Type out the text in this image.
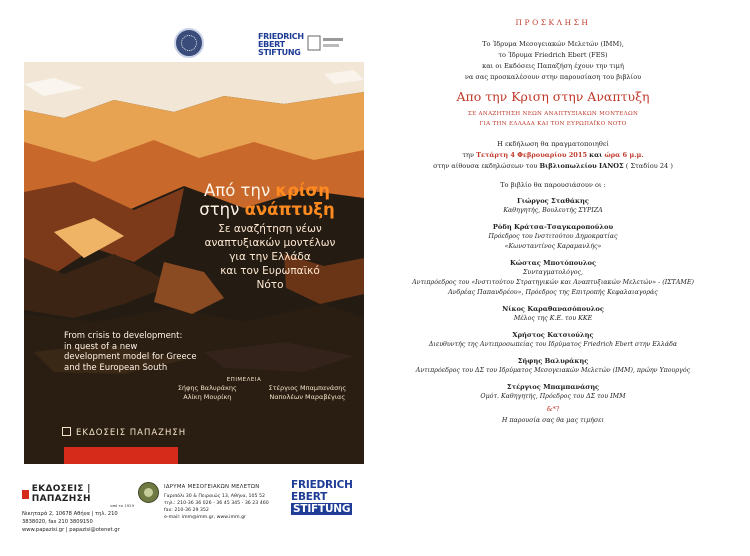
FRIEDRICH
EBERT
STIFTUNG
Από την κρίση
στην ανάπτυξη
Σε αναζήτηση νέων
αναπτυξιακών μοντέλων
για την Ελλάδα
και τον Ευρωπαϊκό
Νότο
From crisis to development:
in quest of a new
development model for Greece
and the European South
ΕΠΙΜΕΛΕΙΑ
Σήφης Βαλυράκης
Αλίκη Μουρίκη
Στέργιος Μπαμπανάσης
Ναπολέων Μαραβέγιας
ΕΚΔΟΣΕΙΣ ΠΑΠΑΖΗΣΗ
ΕΚΔΟΣΕΙΣ | ΠΑΠΑΖΗΣΗ
από το 1929
Νικηταρά 2, 10678 Αθήνα | τηλ. 210
3838020, fax 210 3809150
www.papazisi.gr | papazisi@otenet.gr
ΙΔΡΥΜΑ ΜΕΣΟΓΕΙΑΚΩΝ ΜΕΛΕΤΩΝ
Γαριπόλι 30 & Πειραιώς 13, Αθήνα, 105 52
τηλ.: 210-36 36 026 - 36 45 345 - 36 23 460
fax: 210-36 29 352
e-mail: imm@imm.gr, www.imm.gr
FRIEDRICH
EBERT
STIFTUNG
ΠΡΟΣΚΛΗΣΗ
Το Ίδρυμα Μεσογειακών Μελετών (ΙΜΜ),
το Ίδρυμα Friedrich Ebert (FES)
και οι Εκδόσεις Παπαζήση έχουν την τιμή
να σας προσκαλέσουν στην παρουσίαση του βιβλίου
Απο την Κριση στην Αναπτυξη
ΣΕ ΑΝΑΖΗΤΗΣΗ ΝΕΩΝ ΑΝΑΠΤΥΞΙΑΚΩΝ ΜΟΝΤΕΛΩΝ
ΓΙΑ ΤΗΝ ΕΛΛΑΔΑ ΚΑΙ ΤΟΝ ΕΥΡΩΠΑΪΚΟ ΝΟΤΟ
Η εκδήλωση θα πραγματοποιηθεί
την Τετάρτη 4 Φεβρουαρίου 2015 και ώρα 6 μ.μ.
στην αίθουσα εκδηλώσεων του Βιβλιοπωλείου ΙΑΝΟΣ ( Σταδίου 24 )
Το βιβλίο θα παρουσιάσουν οι :
Γιώργος Σταθάκης
Καθηγητής, Βουλευτής ΣΥΡΙΖΑ
Ρόδη Κράτσα-Τσαγκαροπούλου
Πρόεδρος του Ινστιτούτου Δημοκρατίας
«Κωνσταντίνος Καραμανλής»
Κώστας Μποτόπουλος
Συνταγματολόγος,
Αντιπρόεδρος του «Ινστιτούτου Στρατηγικών και Αναπτυξιακών Μελετών» - (ΙΣΤΑΜΕ)
Ανδρέας Παπανδρέου», Πρόεδρος της Επιτροπής Κεφαλαιαγοράς
Νίκος Καραθανασόπουλος
Μέλος της Κ.Ε. του ΚΚΕ
Χρήστος Κατσιούλης
Διευθυντής της Αντιπροσωπείας του Ιδρύματος Friedrich Ebert στην Ελλάδα
Σήφης Βαλυράκης
Αντιπρόεδρος του ΔΣ του Ιδρύματος Μεσογειακών Μελετών (ΙΜΜ), πρώην Υπουργός
Στέργιος Μπαμπανάσης
Ομότ. Καθηγητής, Πρόεδρος του ΔΣ του ΙΜΜ
&*?
Η παρουσία σας θα μας τιμήσει
